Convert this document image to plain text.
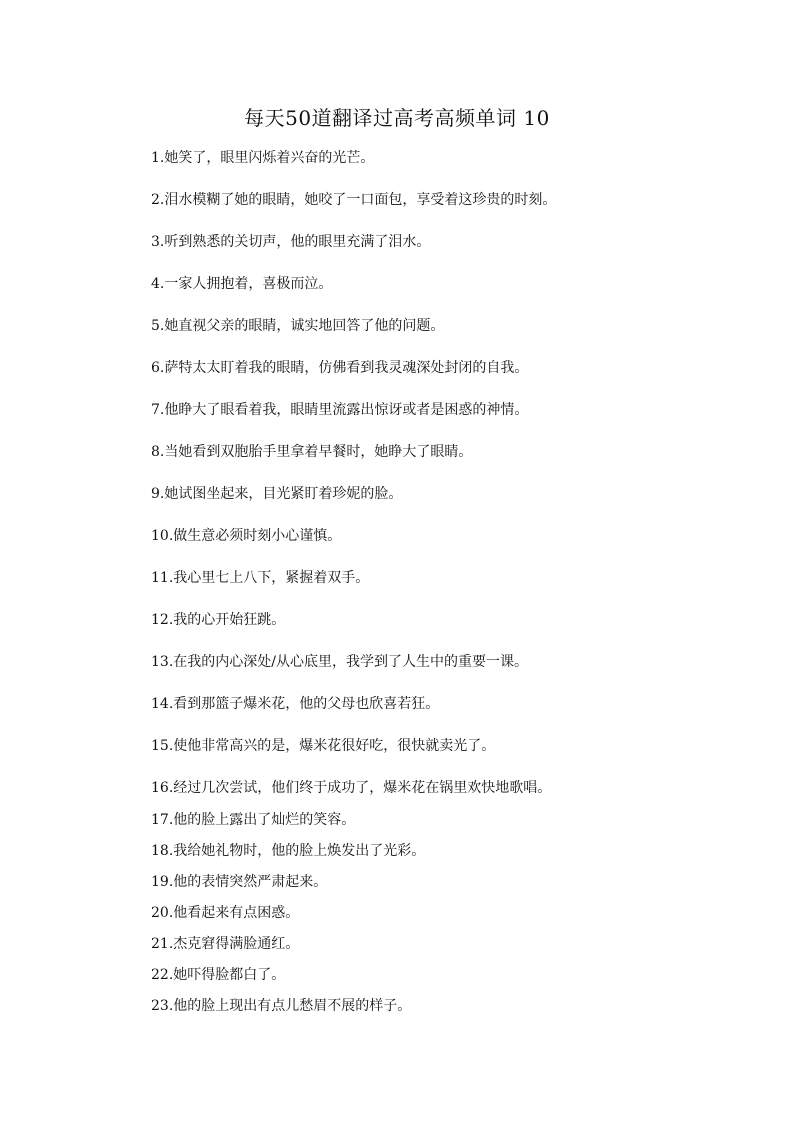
每天50道翻译过高考高频单词 10
1.她笑了，眼里闪烁着兴奋的光芒。
2.泪水模糊了她的眼睛，她咬了一口面包，享受着这珍贵的时刻。
3.听到熟悉的关切声，他的眼里充满了泪水。
4.一家人拥抱着，喜极而泣。
5.她直视父亲的眼睛，诚实地回答了他的问题。
6.萨特太太盯着我的眼睛，仿佛看到我灵魂深处封闭的自我。
7.他睁大了眼看着我，眼睛里流露出惊讶或者是困惑的神情。
8.当她看到双胞胎手里拿着早餐时，她睁大了眼睛。
9.她试图坐起来，目光紧盯着珍妮的脸。
10.做生意必须时刻小心谨慎。
11.我心里七上八下，紧握着双手。
12.我的心开始狂跳。
13.在我的内心深处/从心底里，我学到了人生中的重要一课。
14.看到那篮子爆米花，他的父母也欣喜若狂。
15.使他非常高兴的是，爆米花很好吃，很快就卖光了。
16.经过几次尝试，他们终于成功了，爆米花在锅里欢快地歌唱。
17.他的脸上露出了灿烂的笑容。
18.我给她礼物时，他的脸上焕发出了光彩。
19.他的表情突然严肃起来。
20.他看起来有点困惑。
21.杰克窘得满脸通红。
22.她吓得脸都白了。
23.他的脸上现出有点儿愁眉不展的样子。
